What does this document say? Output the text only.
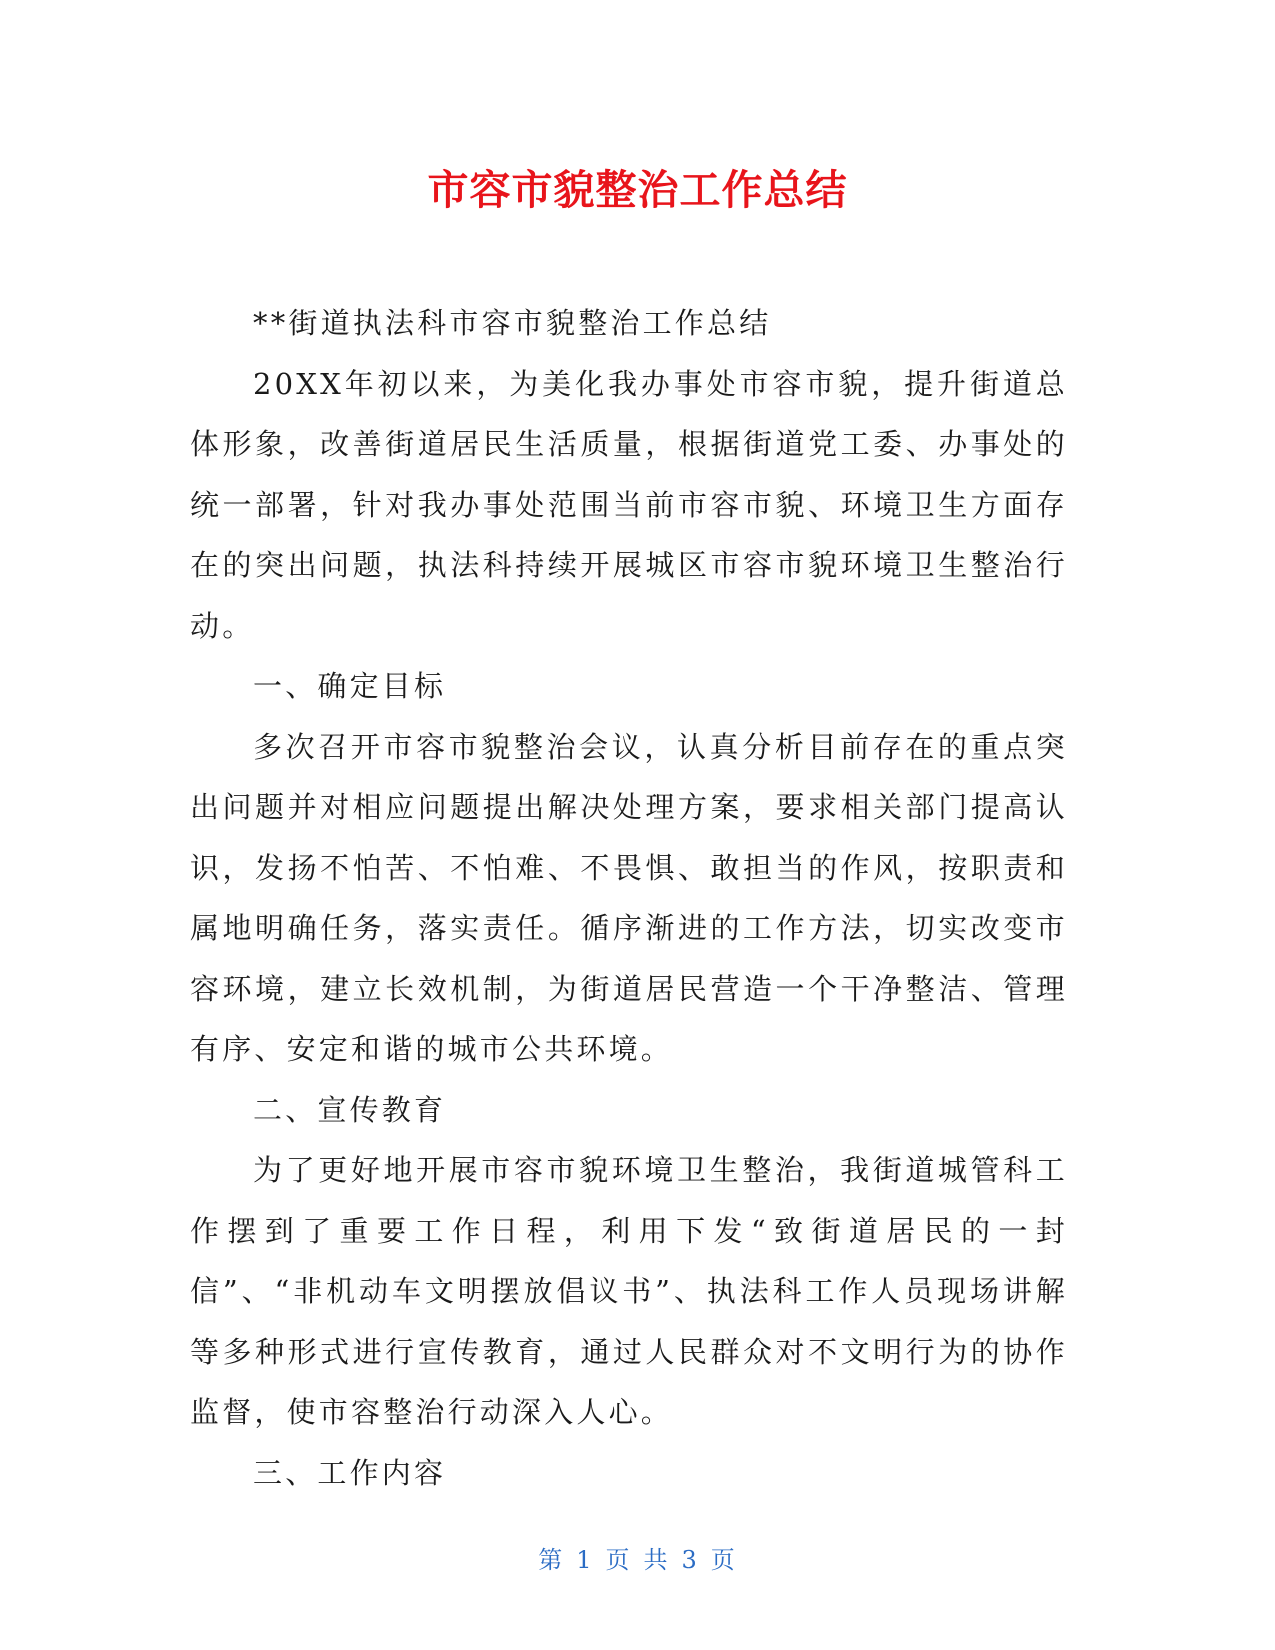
市容市貌整治工作总结

**街道执法科市容市貌整治工作总结

20XX年初以来，为美化我办事处市容市貌，提升街道总体形象，改善街道居民生活质量，根据街道党工委、办事处的统一部署，针对我办事处范围当前市容市貌、环境卫生方面存在的突出问题，执法科持续开展城区市容市貌环境卫生整治行动。

一、确定目标

多次召开市容市貌整治会议，认真分析目前存在的重点突出问题并对相应问题提出解决处理方案，要求相关部门提高认识，发扬不怕苦、不怕难、不畏惧、敢担当的作风，按职责和属地明确任务，落实责任。循序渐进的工作方法，切实改变市容环境，建立长效机制，为街道居民营造一个干净整洁、管理有序、安定和谐的城市公共环境。

二、宣传教育

为了更好地开展市容市貌环境卫生整治，我街道城管科工作摆到了重要工作日程，利用下发“致街道居民的一封信”、“非机动车文明摆放倡议书”、执法科工作人员现场讲解等多种形式进行宣传教育，通过人民群众对不文明行为的协作监督，使市容整治行动深入人心。

三、工作内容

第 1 页 共 3 页
